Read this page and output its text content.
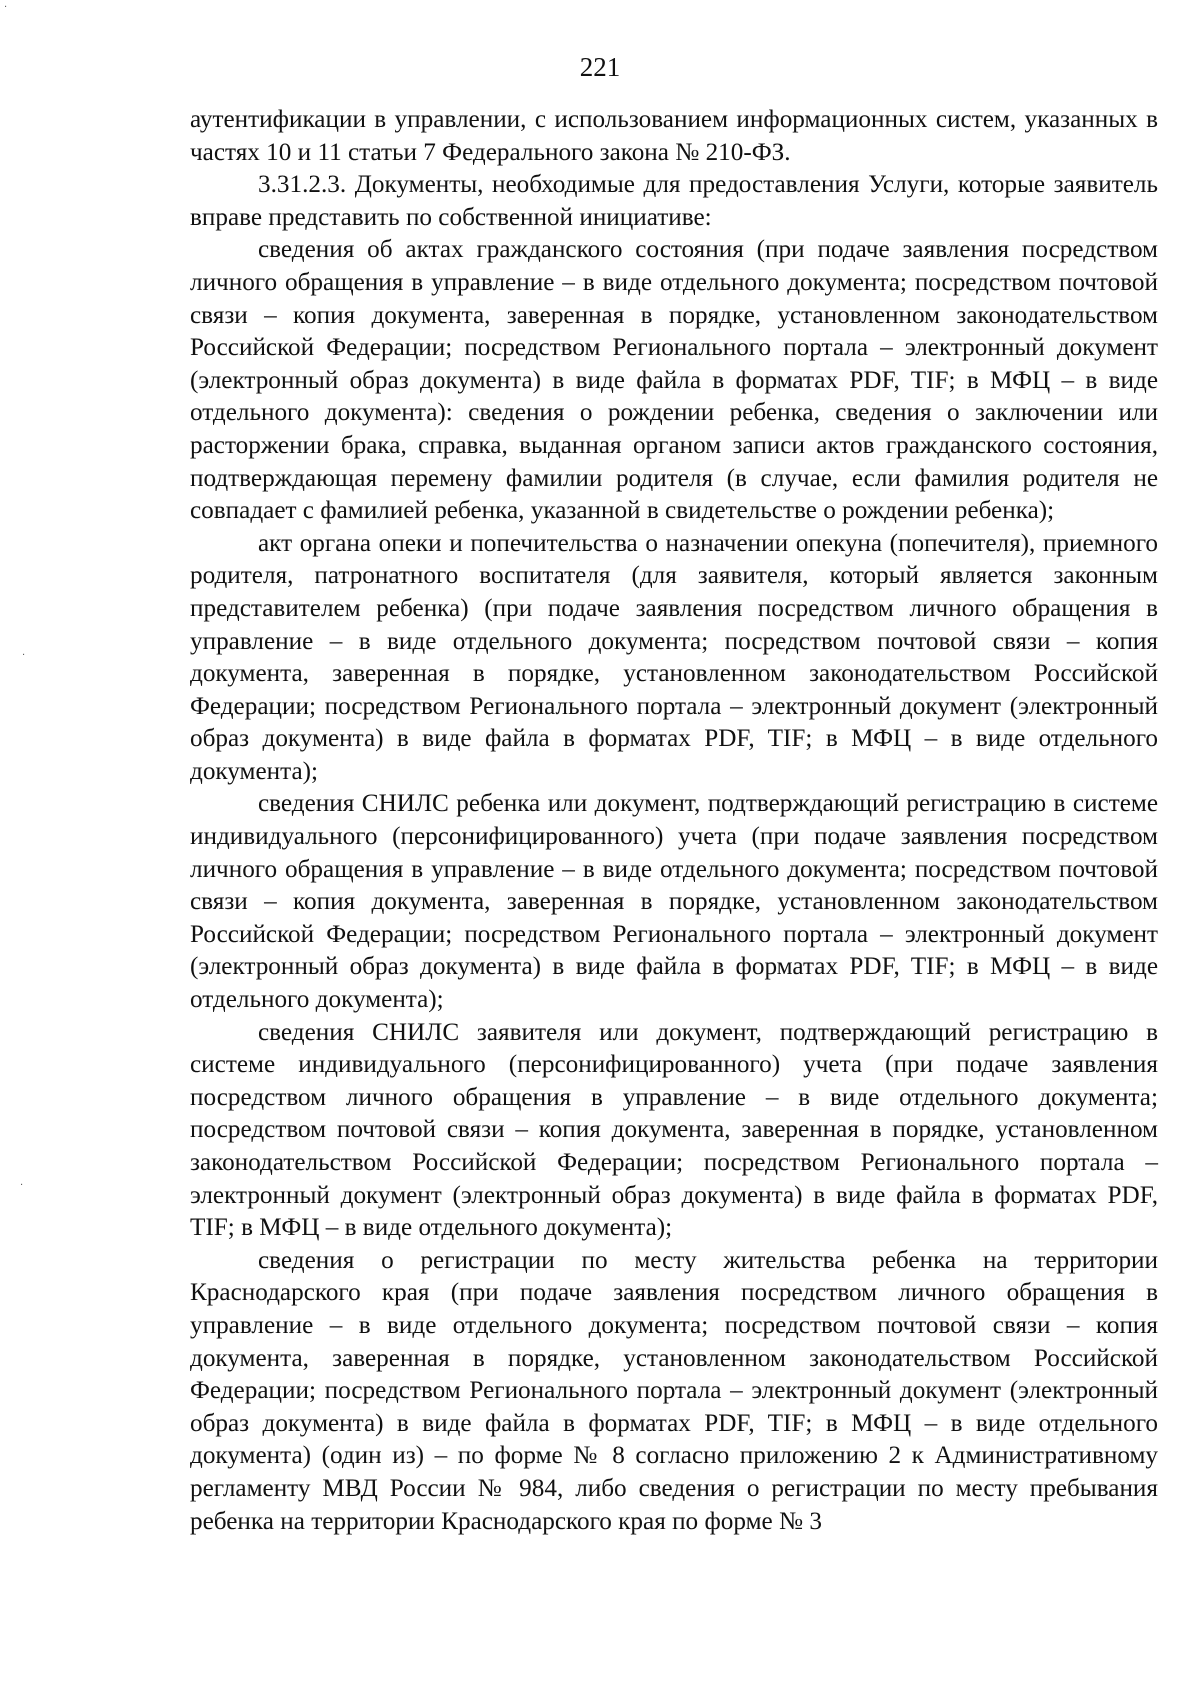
·
·
·
221

аутентификации в управлении, с использованием информационных систем, указанных в частях 10 и 11 статьи 7 Федерального закона № 210-ФЗ.

3.31.2.3. Документы, необходимые для предоставления Услуги, которые заявитель вправе представить по собственной инициативе:

сведения об актах гражданского состояния (при подаче заявления посредством личного обращения в управление – в виде отдельного документа; посредством почтовой связи – копия документа, заверенная в порядке, установленном законодательством Российской Федерации; посредством Регионального портала – электронный документ (электронный образ документа) в виде файла в форматах PDF, TIF; в МФЦ – в виде отдельного документа): сведения о рождении ребенка, сведения о заключении или расторжении брака, справка, выданная органом записи актов гражданского состояния, подтверждающая перемену фамилии родителя (в случае, если фамилия родителя не совпадает с фамилией ребенка, указанной в свидетельстве о рождении ребенка);

акт органа опеки и попечительства о назначении опекуна (попечителя), приемного родителя, патронатного воспитателя (для заявителя, который является законным представителем ребенка) (при подаче заявления посредством личного обращения в управление – в виде отдельного документа; посредством почтовой связи – копия документа, заверенная в порядке, установленном законодательством Российской Федерации; посредством Регионального портала – электронный документ (электронный образ документа) в виде файла в форматах PDF, TIF; в МФЦ – в виде отдельного документа);

сведения СНИЛС ребенка или документ, подтверждающий регистрацию в системе индивидуального (персонифицированного) учета (при подаче заявления посредством личного обращения в управление – в виде отдельного документа; посредством почтовой связи – копия документа, заверенная в порядке, установленном законодательством Российской Федерации; посредством Регионального портала – электронный документ (электронный образ документа) в виде файла в форматах PDF, TIF; в МФЦ – в виде отдельного документа);

сведения СНИЛС заявителя или документ, подтверждающий регистрацию в системе индивидуального (персонифицированного) учета (при подаче заявления посредством личного обращения в управление – в виде отдельного документа; посредством почтовой связи – копия документа, заверенная в порядке, установленном законодательством Российской Федерации; посредством Регионального портала – электронный документ (электронный образ документа) в виде файла в форматах PDF, TIF; в МФЦ – в виде отдельного документа);

сведения о регистрации по месту жительства ребенка на территории Краснодарского края (при подаче заявления посредством личного обращения в управление – в виде отдельного документа; посредством почтовой связи – копия документа, заверенная в порядке, установленном законодательством Российской Федерации; посредством Регионального портала – электронный документ (электронный образ документа) в виде файла в форматах PDF, TIF; в МФЦ – в виде отдельного документа) (один из) – по форме № 8 согласно приложению 2 к Административному регламенту МВД России № 984, либо сведения о регистрации по месту пребывания ребенка на территории Краснодарского края по форме № 3
